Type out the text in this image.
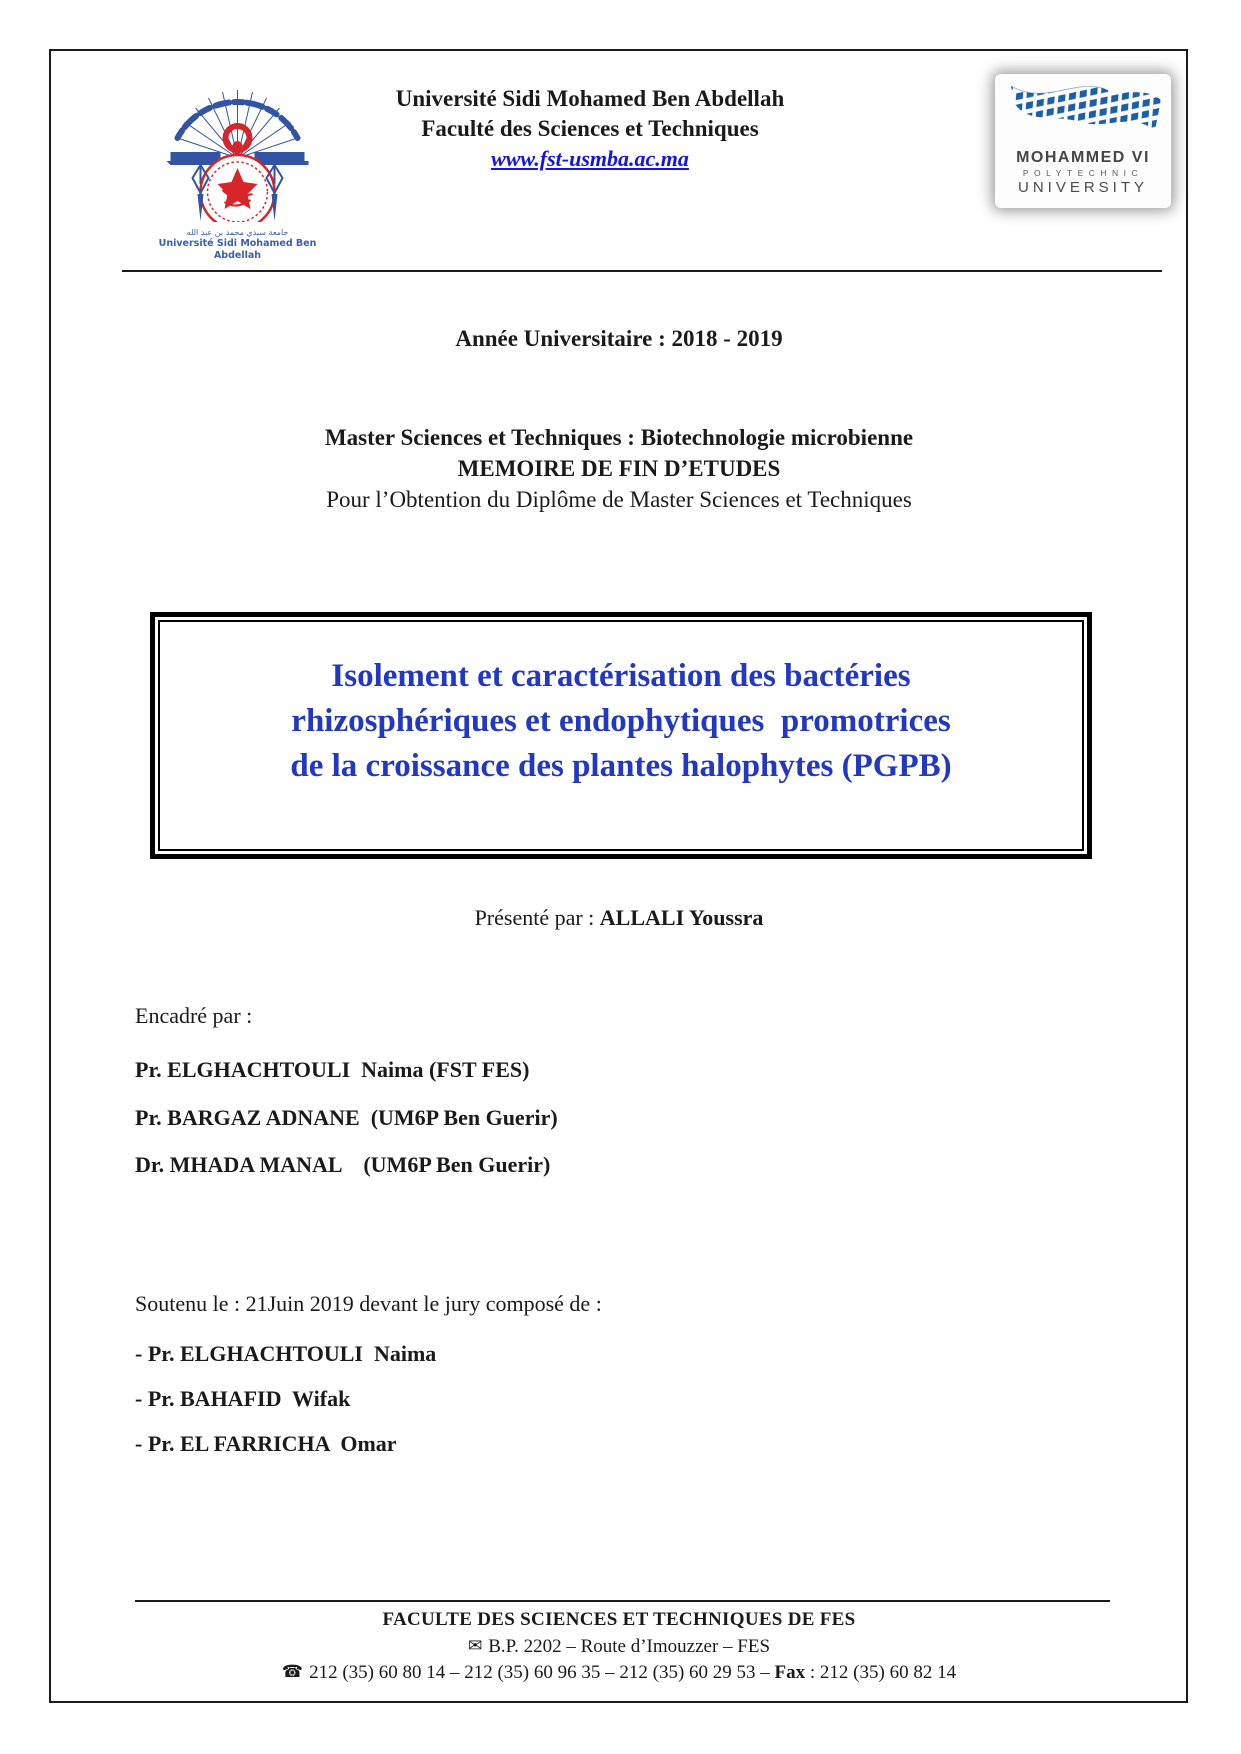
جامعة سيدي محمد بن عبد الله
Université Sidi Mohamed Ben Abdellah
Université Sidi Mohamed Ben Abdellah
Faculté des Sciences et Techniques
www.fst-usmba.ac.ma	MOHAMMED VI
POLYTECHNIC
UNIVERSITY
Année Universitaire : 2018 - 2019
Master Sciences et Techniques : Biotechnologie microbienne
MEMOIRE DE FIN D’ETUDES
Pour l’Obtention du Diplôme de Master Sciences et Techniques
Isolement et caractérisation des bactéries
rhizosphériques et endophytiques  promotrices
de la croissance des plantes halophytes (PGPB)
Présenté par : ALLALI Youssra
Encadré par :
Pr. ELGHACHTOULI  Naima (FST FES)
Pr. BARGAZ ADNANE  (UM6P Ben Guerir)
Dr. MHADA MANAL    (UM6P Ben Guerir)
Soutenu le : 21Juin 2019 devant le jury composé de :
- Pr. ELGHACHTOULI  Naima
- Pr. BAHAFID  Wifak
- Pr. EL FARRICHA  Omar
FACULTE DES SCIENCES ET TECHNIQUES DE FES
✉ B.P. 2202 – Route d’Imouzzer – FES
☎ 212 (35) 60 80 14 – 212 (35) 60 96 35 – 212 (35) 60 29 53 – Fax : 212 (35) 60 82 14
